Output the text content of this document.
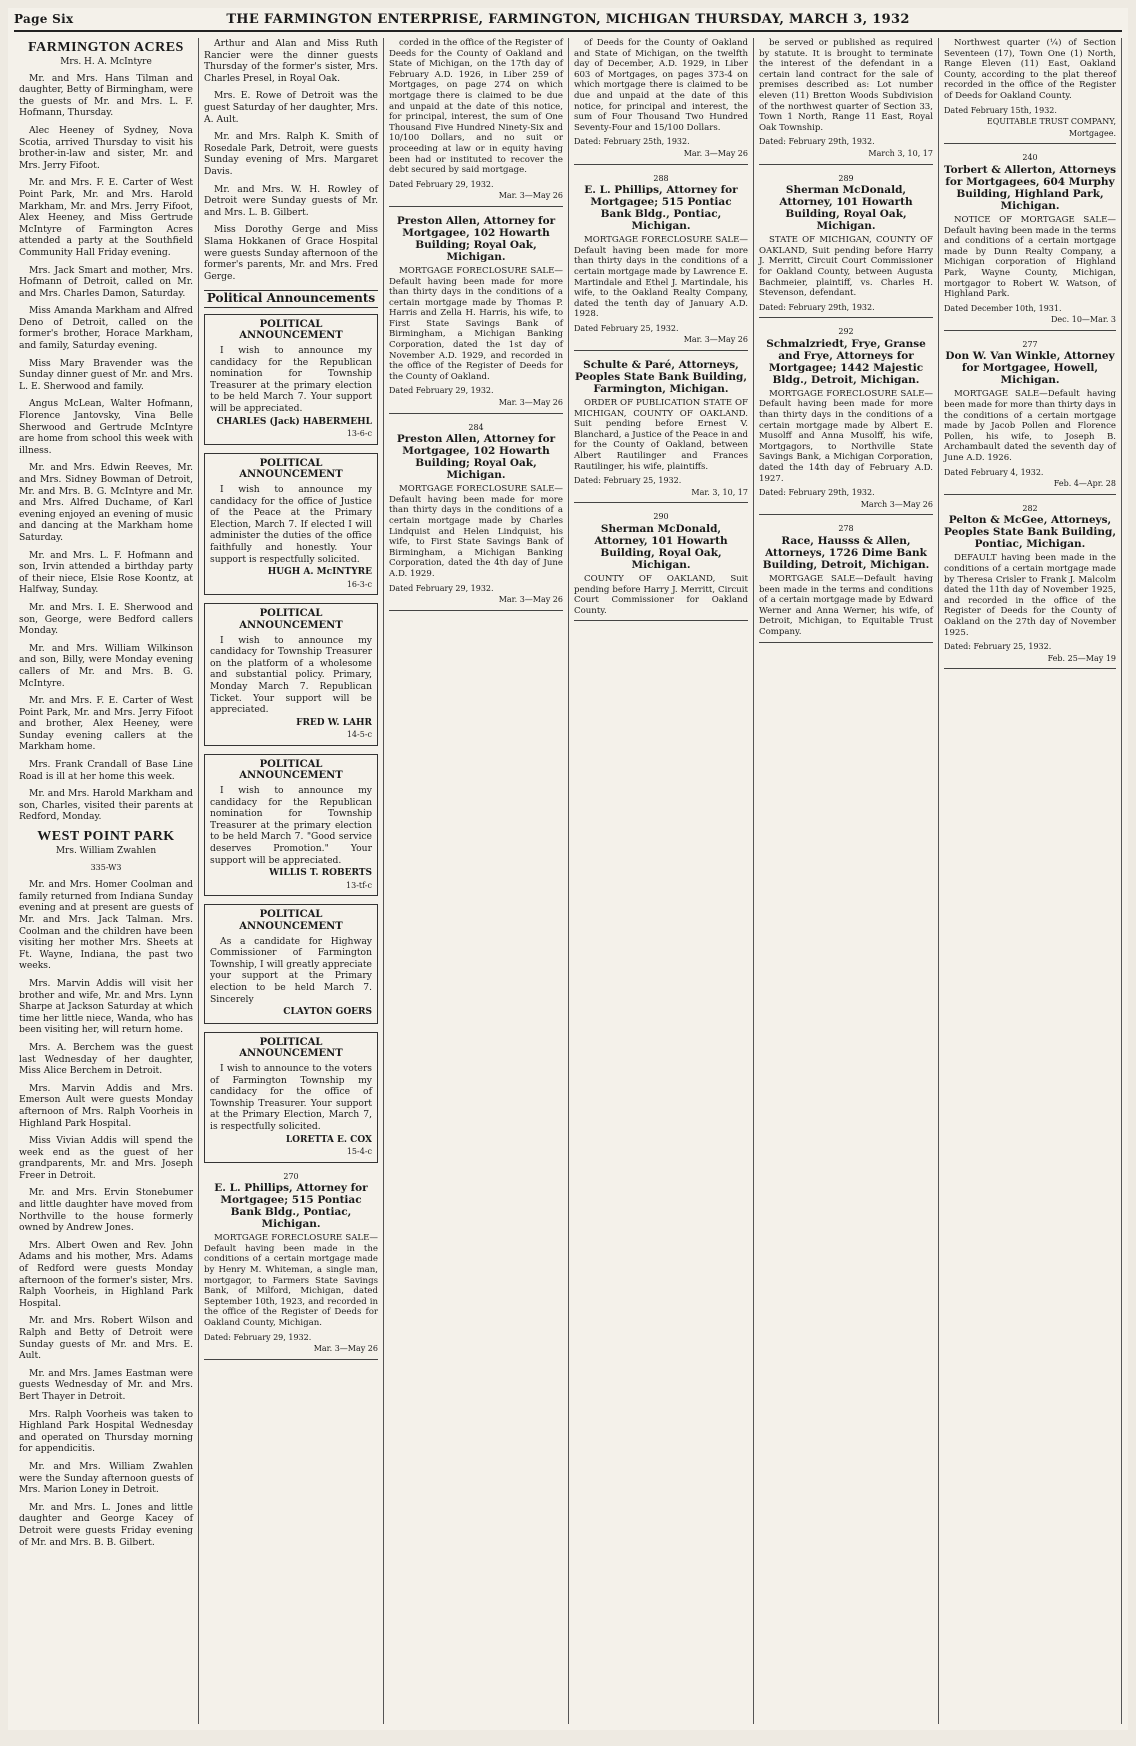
Page Six	THE FARMINGTON ENTERPRISE, FARMINGTON, MICHIGAN THURSDAY, MARCH 3, 1932
FARMINGTON ACRES
Mrs. H. A. McIntyre

Mr. and Mrs. Hans Tilman and daughter, Betty of Birmingham, were the guests of Mr. and Mrs. L. F. Hofmann, Thursday.

Alec Heeney of Sydney, Nova Scotia, arrived Thursday to visit his brother-in-law and sister, Mr. and Mrs. Jerry Fifoot.

Mr. and Mrs. F. E. Carter of West Point Park, Mr. and Mrs. Harold Markham, Mr. and Mrs. Jerry Fifoot, Alex Heeney, and Miss Gertrude McIntyre of Farmington Acres attended a party at the Southfield Community Hall Friday evening.

Mrs. Jack Smart and mother, Mrs. Hofmann of Detroit, called on Mr. and Mrs. Charles Damon, Saturday.

Miss Amanda Markham and Alfred Deno of Detroit, called on the former's brother, Horace Markham, and family, Saturday evening.

Miss Mary Bravender was the Sunday dinner guest of Mr. and Mrs. L. E. Sherwood and family.

Angus McLean, Walter Hofmann, Florence Jantovsky, Vina Belle Sherwood and Gertrude McIntyre are home from school this week with illness.

Mr. and Mrs. Edwin Reeves, Mr. and Mrs. Sidney Bowman of Detroit, Mr. and Mrs. B. G. McIntyre and Mr. and Mrs. Alfred Duchame, of Karl evening enjoyed an evening of music and dancing at the Markham home Saturday.

Mr. and Mrs. L. F. Hofmann and son, Irvin attended a birthday party of their niece, Elsie Rose Koontz, at Halfway, Sunday.

Mr. and Mrs. I. E. Sherwood and son, George, were Bedford callers Monday.

Mr. and Mrs. William Wilkinson and son, Billy, were Monday evening callers of Mr. and Mrs. B. G. McIntyre.

Mr. and Mrs. F. E. Carter of West Point Park, Mr. and Mrs. Jerry Fifoot and brother, Alex Heeney, were Sunday evening callers at the Markham home.

Mrs. Frank Crandall of Base Line Road is ill at her home this week.

Mr. and Mrs. Harold Markham and son, Charles, visited their parents at Redford, Monday.

WEST POINT PARK
Mrs. William Zwahlen
335-W3

Mr. and Mrs. Homer Coolman and family returned from Indiana Sunday evening and at present are guests of Mr. and Mrs. Jack Talman. Mrs. Coolman and the children have been visiting her mother Mrs. Sheets at Ft. Wayne, Indiana, the past two weeks.

Mrs. Marvin Addis will visit her brother and wife, Mr. and Mrs. Lynn Sharpe at Jackson Saturday at which time her little niece, Wanda, who has been visiting her, will return home.

Mrs. A. Berchem was the guest last Wednesday of her daughter, Miss Alice Berchem in Detroit.

Mrs. Marvin Addis and Mrs. Emerson Ault were guests Monday afternoon of Mrs. Ralph Voorheis in Highland Park Hospital.

Miss Vivian Addis will spend the week end as the guest of her grandparents, Mr. and Mrs. Joseph Freer in Detroit.

Mr. and Mrs. Ervin Stonebumer and little daughter have moved from Northville to the house formerly owned by Andrew Jones.

Mrs. Albert Owen and Rev. John Adams and his mother, Mrs. Adams of Redford were guests Monday afternoon of the former's sister, Mrs. Ralph Voorheis, in Highland Park Hospital.

Mr. and Mrs. Robert Wilson and Ralph and Betty of Detroit were Sunday guests of Mr. and Mrs. E. Ault.

Mr. and Mrs. James Eastman were guests Wednesday of Mr. and Mrs. Bert Thayer in Detroit.

Mrs. Ralph Voorheis was taken to Highland Park Hospital Wednesday and operated on Thursday morning for appendicitis.

Mr. and Mrs. William Zwahlen were the Sunday afternoon guests of Mrs. Marion Loney in Detroit.

Mr. and Mrs. L. Jones and little daughter and George Kacey of Detroit were guests Friday evening of Mr. and Mrs. B. B. Gilbert.

Arthur and Alan and Miss Ruth Rancier were the dinner guests Thursday of the former's sister, Mrs. Charles Presel, in Royal Oak.

Mrs. E. Rowe of Detroit was the guest Saturday of her daughter, Mrs. A. Ault.

Mr. and Mrs. Ralph K. Smith of Rosedale Park, Detroit, were guests Sunday evening of Mrs. Margaret Davis.

Mr. and Mrs. W. H. Rowley of Detroit were Sunday guests of Mr. and Mrs. L. B. Gilbert.

Miss Dorothy Gerge and Miss Slama Hokkanen of Grace Hospital were guests Sunday afternoon of the former's parents, Mr. and Mrs. Fred Gerge.

Political Announcements
POLITICAL ANNOUNCEMENT
I wish to announce my candidacy for the Republican nomination for Township Treasurer at the primary election to be held March 7. Your support will be appreciated.
CHARLES (Jack) HABERMEHL
13-6-c
POLITICAL ANNOUNCEMENT
I wish to announce my candidacy for the office of Justice of the Peace at the Primary Election, March 7. If elected I will administer the duties of the office faithfully and honestly. Your support is respectfully solicited.
HUGH A. McINTYRE
16-3-c
POLITICAL ANNOUNCEMENT
I wish to announce my candidacy for Township Treasurer on the platform of a wholesome and substantial policy. Primary, Monday March 7. Republican Ticket. Your support will be appreciated.
FRED W. LAHR
14-5-c
POLITICAL ANNOUNCEMENT
I wish to announce my candidacy for the Republican nomination for Township Treasurer at the primary election to be held March 7. "Good service deserves Promotion." Your support will be appreciated.
WILLIS T. ROBERTS
13-tf-c
POLITICAL ANNOUNCEMENT
As a candidate for Highway Commissioner of Farmington Township, I will greatly appreciate your support at the Primary election to be held March 7. Sincerely
CLAYTON GOERS
POLITICAL ANNOUNCEMENT
I wish to announce to the voters of Farmington Township my candidacy for the office of Township Treasurer. Your support at the Primary Election, March 7, is respectfully solicited.
LORETTA E. COX
15-4-c
270
E. L. Phillips, Attorney for Mortgagee; 515 Pontiac Bank Bldg., Pontiac, Michigan.
MORTGAGE FORECLOSURE SALE—Default having been made in the conditions of a certain mortgage made by Henry M. Whiteman, a single man, mortgagor, to Farmers State Savings Bank, of Milford, Michigan, dated September 10th, 1923, and recorded in the office of the Register of Deeds for Oakland County, Michigan.
Dated: February 29, 1932.
Mar. 3—May 26
corded in the office of the Register of Deeds for the County of Oakland and State of Michigan, on the 17th day of February A.D. 1926, in Liber 259 of Mortgages, on page 274 on which mortgage there is claimed to be due and unpaid at the date of this notice, for principal, interest, the sum of One Thousand Five Hundred Ninety-Six and 10/100 Dollars, and no suit or proceeding at law or in equity having been had or instituted to recover the debt secured by said mortgage.
Dated February 29, 1932.
Mar. 3—May 26
Preston Allen, Attorney for Mortgagee, 102 Howarth Building; Royal Oak, Michigan.
MORTGAGE FORECLOSURE SALE—Default having been made for more than thirty days in the conditions of a certain mortgage made by Thomas P. Harris and Zella H. Harris, his wife, to First State Savings Bank of Birmingham, a Michigan Banking Corporation, dated the 1st day of November A.D. 1929, and recorded in the office of the Register of Deeds for the County of Oakland.
Dated February 29, 1932.
Mar. 3—May 26
284
Preston Allen, Attorney for Mortgagee, 102 Howarth Building; Royal Oak, Michigan.
MORTGAGE FORECLOSURE SALE—Default having been made for more than thirty days in the conditions of a certain mortgage made by Charles Lindquist and Helen Lindquist, his wife, to First State Savings Bank of Birmingham, a Michigan Banking Corporation, dated the 4th day of June A.D. 1929.
Dated February 29, 1932.
Mar. 3—May 26
of Deeds for the County of Oakland and State of Michigan, on the twelfth day of December, A.D. 1929, in Liber 603 of Mortgages, on pages 373-4 on which mortgage there is claimed to be due and unpaid at the date of this notice, for principal and interest, the sum of Four Thousand Two Hundred Seventy-Four and 15/100 Dollars.
Dated: February 25th, 1932.
Mar. 3—May 26
288
E. L. Phillips, Attorney for Mortgagee; 515 Pontiac Bank Bldg., Pontiac, Michigan.
MORTGAGE FORECLOSURE SALE—Default having been made for more than thirty days in the conditions of a certain mortgage made by Lawrence E. Martindale and Ethel J. Martindale, his wife, to the Oakland Realty Company, dated the tenth day of January A.D. 1928.
Dated February 25, 1932.
Mar. 3—May 26
Schulte & Paré, Attorneys, Peoples State Bank Building, Farmington, Michigan.
ORDER OF PUBLICATION STATE OF MICHIGAN, COUNTY OF OAKLAND. Suit pending before Ernest V. Blanchard, a Justice of the Peace in and for the County of Oakland, between Albert Rautilinger and Frances Rautilinger, his wife, plaintiffs.
Dated: February 25, 1932.
Mar. 3, 10, 17
290
Sherman McDonald, Attorney, 101 Howarth Building, Royal Oak, Michigan.
COUNTY OF OAKLAND, Suit pending before Harry J. Merritt, Circuit Court Commissioner for Oakland County.
be served or published as required by statute. It is brought to terminate the interest of the defendant in a certain land contract for the sale of premises described as: Lot number eleven (11) Bretton Woods Subdivision of the northwest quarter of Section 33, Town 1 North, Range 11 East, Royal Oak Township.
Dated: February 29th, 1932.
March 3, 10, 17
289
Sherman McDonald, Attorney, 101 Howarth Building, Royal Oak, Michigan.
STATE OF MICHIGAN, COUNTY OF OAKLAND, Suit pending before Harry J. Merritt, Circuit Court Commissioner for Oakland County, between Augusta Bachmeier, plaintiff, vs. Charles H. Stevenson, defendant.
Dated: February 29th, 1932.
292
Schmalzriedt, Frye, Granse and Frye, Attorneys for Mortgagee; 1442 Majestic Bldg., Detroit, Michigan.
MORTGAGE FORECLOSURE SALE—Default having been made for more than thirty days in the conditions of a certain mortgage made by Albert E. Musolff and Anna Musolff, his wife, Mortgagors, to Northville State Savings Bank, a Michigan Corporation, dated the 14th day of February A.D. 1927.
Dated: February 29th, 1932.
March 3—May 26
278
Race, Hausss & Allen, Attorneys, 1726 Dime Bank Building, Detroit, Michigan.
MORTGAGE SALE—Default having been made in the terms and conditions of a certain mortgage made by Edward Werner and Anna Werner, his wife, of Detroit, Michigan, to Equitable Trust Company.
Northwest quarter (¼) of Section Seventeen (17), Town One (1) North, Range Eleven (11) East, Oakland County, according to the plat thereof recorded in the office of the Register of Deeds for Oakland County.
Dated February 15th, 1932.
EQUITABLE TRUST COMPANY, Mortgagee.
240
Torbert & Allerton, Attorneys for Mortgagees, 604 Murphy Building, Highland Park, Michigan.
NOTICE OF MORTGAGE SALE—Default having been made in the terms and conditions of a certain mortgage made by Dunn Realty Company, a Michigan corporation of Highland Park, Wayne County, Michigan, mortgagor to Robert W. Watson, of Highland Park.
Dated December 10th, 1931.
Dec. 10—Mar. 3
277
Don W. Van Winkle, Attorney for Mortgagee, Howell, Michigan.
MORTGAGE SALE—Default having been made for more than thirty days in the conditions of a certain mortgage made by Jacob Pollen and Florence Pollen, his wife, to Joseph B. Archambault dated the seventh day of June A.D. 1926.
Dated February 4, 1932.
Feb. 4—Apr. 28
282
Pelton & McGee, Attorneys, Peoples State Bank Building, Pontiac, Michigan.
DEFAULT having been made in the conditions of a certain mortgage made by Theresa Crisler to Frank J. Malcolm dated the 11th day of November 1925, and recorded in the office of the Register of Deeds for the County of Oakland on the 27th day of November 1925.
Dated: February 25, 1932.
Feb. 25—May 19
